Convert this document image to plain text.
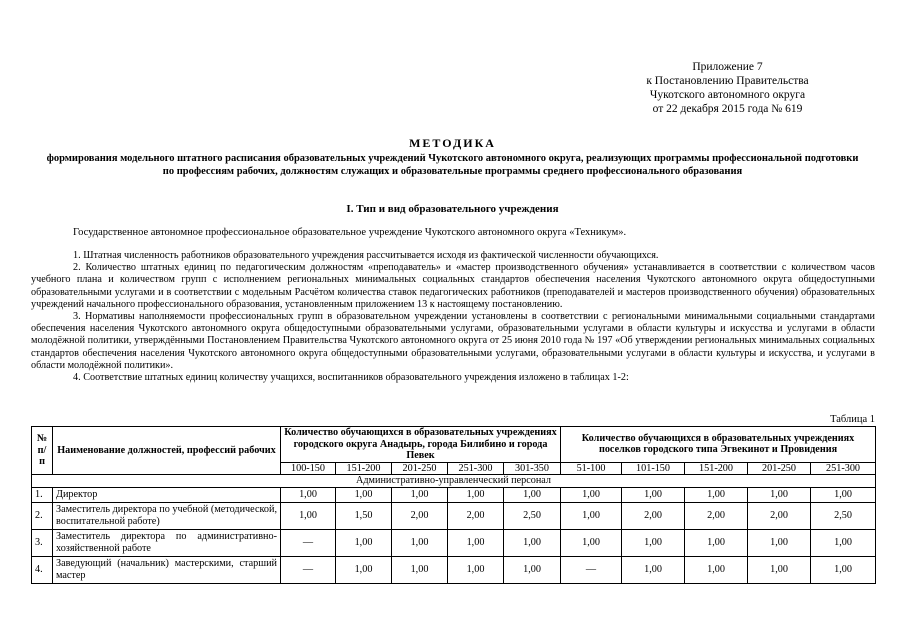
Приложение 7
к Постановлению Правительства
Чукотского автономного округа
от 22 декабря 2015 года № 619
МЕТОДИКА
формирования модельного штатного расписания образовательных учреждений Чукотского автономного округа, реализующих программы профессиональной подготовки по профессиям рабочих, должностям служащих и образовательные программы среднего профессионального образования
I. Тип и вид образовательного учреждения
Государственное автономное профессиональное образовательное учреждение Чукотского автономного округа «Техникум».

1. Штатная численность работников образовательного учреждения рассчитывается исходя из фактической численности обучающихся.

2. Количество штатных единиц по педагогическим должностям «преподаватель» и «мастер производственного обучения» устанавливается в соответствии с количеством часов учебного плана и количеством групп с исполнением региональных минимальных социальных стандартов обеспечения населения Чукотского автономного округа общедоступными образовательными услугами и в соответствии с модельным Расчётом количества ставок педагогических работников (преподавателей и мастеров производственного обучения) образовательных учреждений начального профессионального образования, установленным приложением 13 к настоящему постановлению.

3. Нормативы наполняемости профессиональных групп в образовательном учреждении установлены в соответствии с региональными минимальными социальными стандартами обеспечения населения Чукотского автономного округа общедоступными образовательными услугами, образовательными услугами в области культуры и искусства и услугами в области молодёжной политики, утверждёнными Постановлением Правительства Чукотского автономного округа от 25 июня 2010 года № 197 «Об утверждении региональных минимальных социальных стандартов обеспечения населения Чукотского автономного округа общедоступными образовательными услугами, образовательными услугами в области культуры и искусства, и услугами в области молодёжной политики».

4. Соответствие штатных единиц количеству учащихся, воспитанников образовательного учреждения изложено в таблицах 1-2:

Таблица 1
№ п/п	Наименование должностей, профессий рабочих	Количество обучающихся в образовательных учреждениях городского округа Анадырь, города Билибино и города Певек					Количество обучающихся в образовательных учреждениях поселков городского типа Эгвекинот и Провидения				
		100-150	151-200	201-250	251-300	301-350	51-100	101-150	151-200	201-250	251-300
Административно-управленческий персонал											
1.	Директор	1,00	1,00	1,00	1,00	1,00	1,00	1,00	1,00	1,00	1,00
2.	Заместитель директора по учебной (методической, воспитательной работе)	1,00	1,50	2,00	2,00	2,50	1,00	2,00	2,00	2,00	2,50
3.	Заместитель директора по административно-хозяйственной работе	—	1,00	1,00	1,00	1,00	1,00	1,00	1,00	1,00	1,00
4.	Заведующий (начальник) мастерскими, старший мастер	—	1,00	1,00	1,00	1,00	—	1,00	1,00	1,00	1,00
